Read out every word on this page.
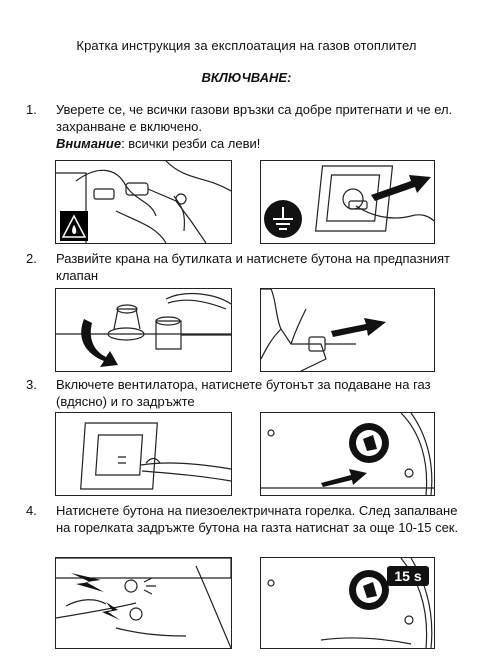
Кратка инструкция за експлоатация на газов отоплител
ВКЛЮЧВАНЕ:
1. Уверете се, че всички газови връзки са добре притегнати и че ел. захранване е включено.
Внимание: всички резби са леви!
2. Развийте крана на бутилката и натиснете бутона на предпазният клапан
3. Включете вентилатора, натиснете бутонът за подаване на газ (вдясно) и го задръжте
4. Натиснете бутона на пиезоелектричната горелка. След запалване на горелката задръжте бутона на газта натиснат за още 10-15 сек.
15 s
